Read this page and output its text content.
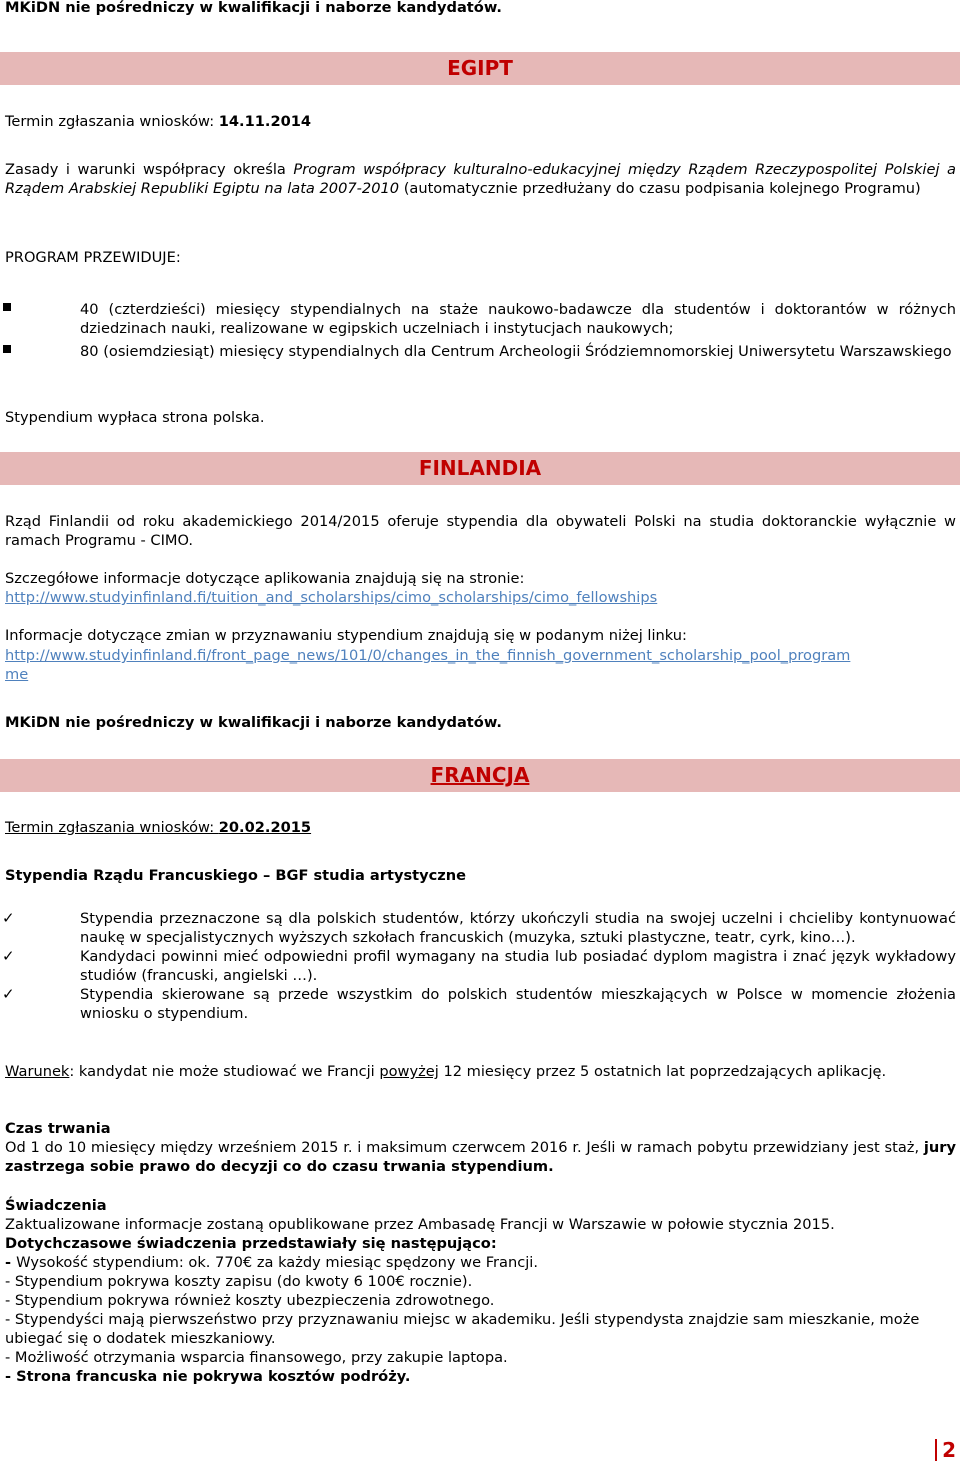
MKiDN nie pośredniczy w kwalifikacji i naborze kandydatów.
EGIPT
Termin zgłaszania wniosków: 14.11.2014
Zasady i warunki współpracy określa Program współpracy kulturalno-edukacyjnej między Rządem Rzeczypospolitej Polskiej a Rządem Arabskiej Republiki Egiptu na lata 2007-2010 (automatycznie przedłużany do czasu podpisania kolejnego Programu)
PROGRAM PRZEWIDUJE:
40 (czterdzieści) miesięcy stypendialnych na staże naukowo-badawcze dla studentów i doktorantów w różnych dziedzinach nauki, realizowane w egipskich uczelniach i instytucjach naukowych;
80 (osiemdziesiąt) miesięcy stypendialnych dla Centrum Archeologii Śródziemnomorskiej Uniwersytetu Warszawskiego
Stypendium wypłaca strona polska.
FINLANDIA
Rząd Finlandii od roku akademickiego 2014/2015 oferuje stypendia dla obywateli Polski na studia doktoranckie wyłącznie w ramach Programu - CIMO.
Szczegółowe informacje dotyczące aplikowania znajdują się na stronie:
http://www.studyinfinland.fi/tuition_and_scholarships/cimo_scholarships/cimo_fellowships
Informacje dotyczące zmian w przyznawaniu stypendium znajdują się w podanym niżej linku:
http://www.studyinfinland.fi/front_page_news/101/0/changes_in_the_finnish_government_scholarship_pool_program
me
MKiDN nie pośredniczy w kwalifikacji i naborze kandydatów.
FRANCJA
Termin zgłaszania wniosków: 20.02.2015
Stypendia Rządu Francuskiego – BGF studia artystyczne
✓	Stypendia przeznaczone są dla polskich studentów, którzy ukończyli studia na swojej uczelni i chcieliby kontynuować naukę w specjalistycznych wyższych szkołach francuskich (muzyka, sztuki plastyczne, teatr, cyrk, kino…).
✓	Kandydaci powinni mieć odpowiedni profil wymagany na studia lub posiadać dyplom magistra i znać język wykładowy studiów (francuski, angielski …).
✓	Stypendia skierowane są przede wszystkim do polskich studentów mieszkających w Polsce w momencie złożenia wniosku o stypendium.
Warunek: kandydat nie może studiować we Francji powyżej 12 miesięcy przez 5 ostatnich lat poprzedzających aplikację.
Czas trwania
Od 1 do 10 miesięcy między wrześniem 2015 r. i maksimum czerwcem 2016 r. Jeśli w ramach pobytu przewidziany jest staż, jury zastrzega sobie prawo do decyzji co do czasu trwania stypendium.
Świadczenia
Zaktualizowane informacje zostaną opublikowane przez Ambasadę Francji w Warszawie w połowie stycznia 2015.
Dotychczasowe świadczenia przedstawiały się następująco:
- Wysokość stypendium: ok. 770€ za każdy miesiąc spędzony we Francji.
- Stypendium pokrywa koszty zapisu (do kwoty 6 100€ rocznie).
- Stypendium pokrywa również koszty ubezpieczenia zdrowotnego.
- Stypendyści mają pierwszeństwo przy przyznawaniu miejsc w akademiku. Jeśli stypendysta znajdzie sam mieszkanie, może ubiegać się o dodatek mieszkaniowy.
- Możliwość otrzymania wsparcia finansowego, przy zakupie laptopa.
- Strona francuska nie pokrywa kosztów podróży.
2
